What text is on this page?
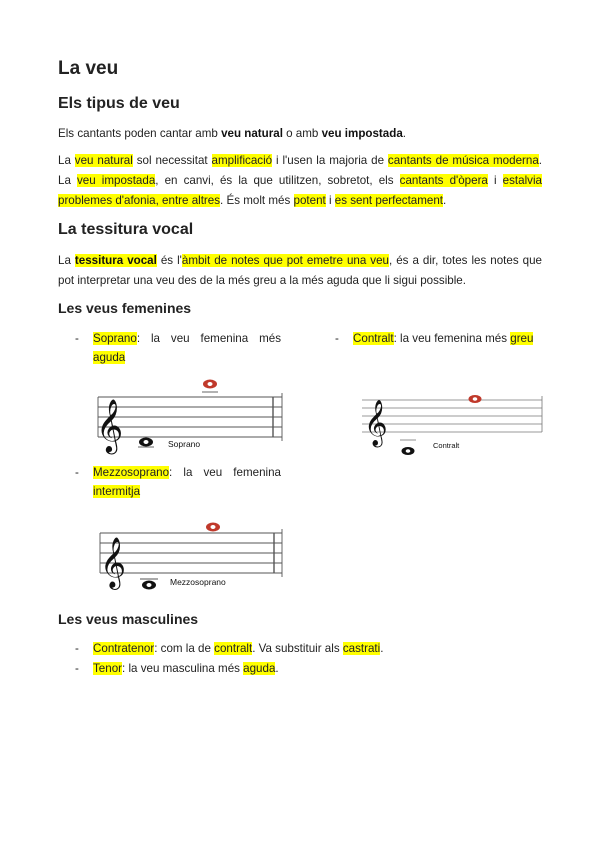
La veu
Els tipus de veu

Els cantants poden cantar amb veu natural o amb veu impostada.

La veu natural sol necessitat amplificació i l'usen la majoria de cantants de música moderna. La veu impostada, en canvi, és la que utilitzen, sobretot, els cantants d'òpera i estalvia problemes d'afonia, entre altres. És molt més potent i es sent perfectament.

La tessitura vocal

La tessitura vocal és l'àmbit de notes que pot emetre una veu, és a dir, totes les notes que pot interpretar una veu des de la més greu a la més aguda que li sigui possible.

Les veus femenines
- Soprano: la veu femenina més aguda
- Contralt: la veu femenina més greu
𝄞	Soprano	𝄞	Contralt
- Mezzosoprano: la veu femenina intermitja
𝄞	Mezzosoprano
Les veus masculines
- Contratenor: com la de contralt. Va substituir als castrati.
- Tenor: la veu masculina més aguda.
